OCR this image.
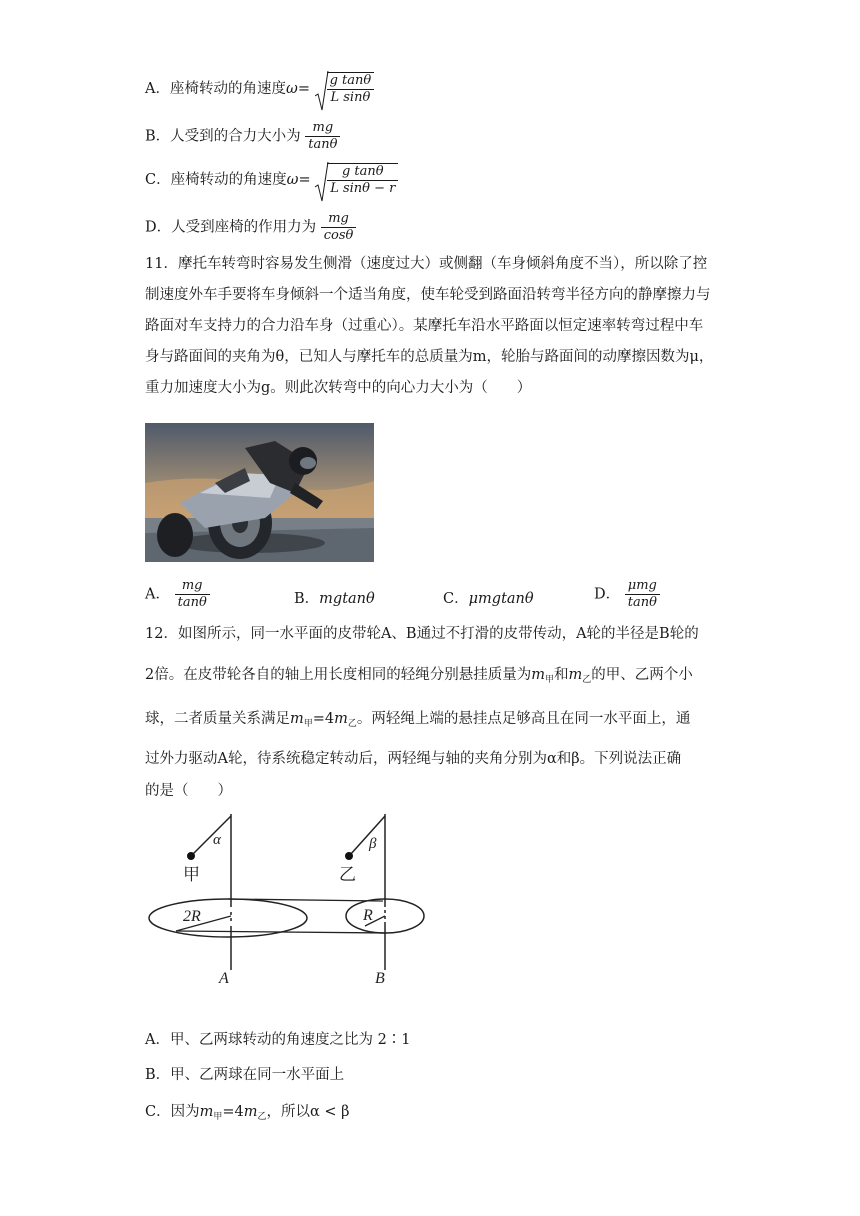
A．座椅转动的角速度$\omega= \frac{\text{g tanθ}}{\text{L sinθ}}$
B．人受到的合力大小为 $\frac{mg}{\tan\theta}$
C．座椅转动的角速度$\omega= \frac{\text{g tanθ}}{\text{L sinθ − r}}$
D．人受到座椅的作用力为 $\frac{mg}{\cos\theta}$
11．摩托车转弯时容易发生侧滑（速度过大）或侧翻（车身倾斜角度不当），所以除了控制速度外车手要将车身倾斜一个适当角度，使车轮受到路面沿转弯半径方向的静摩擦力与路面对车支持力的合力沿车身（过重心）。某摩托车沿水平路面以恒定速率转弯过程中车身与路面间的夹角为θ，已知人与摩托车的总质量为m，轮胎与路面间的动摩擦因数为μ，重力加速度大小为g。则此次转弯中的向心力大小为（　　）
A． $\frac{mg}{\tan\theta}$	B．mgtanθ	C．μmgtanθ	D． $\frac{\text{μmg}}{\tan\theta}$
12．如图所示，同一水平面的皮带轮A、B通过不打滑的皮带传动，A轮的半径是B轮的
2倍。在皮带轮各自的轴上用长度相同的轻绳分别悬挂质量为$m_甲$和$m_乙$的甲、乙两个小
球，二者质量关系满足$m_甲=4m_乙$。两轻绳上端的悬挂点足够高且在同一水平面上，通
过外力驱动A轮，待系统稳定转动后，两轻绳与轴的夹角分别为α和β。下列说法正确
的是（　　）
α	β
甲	乙
2R	R
A	B
A．甲、乙两球转动的角速度之比为 2∶1
B．甲、乙两球在同一水平面上
C．因为$m_甲=4m_乙$，所以α < β
